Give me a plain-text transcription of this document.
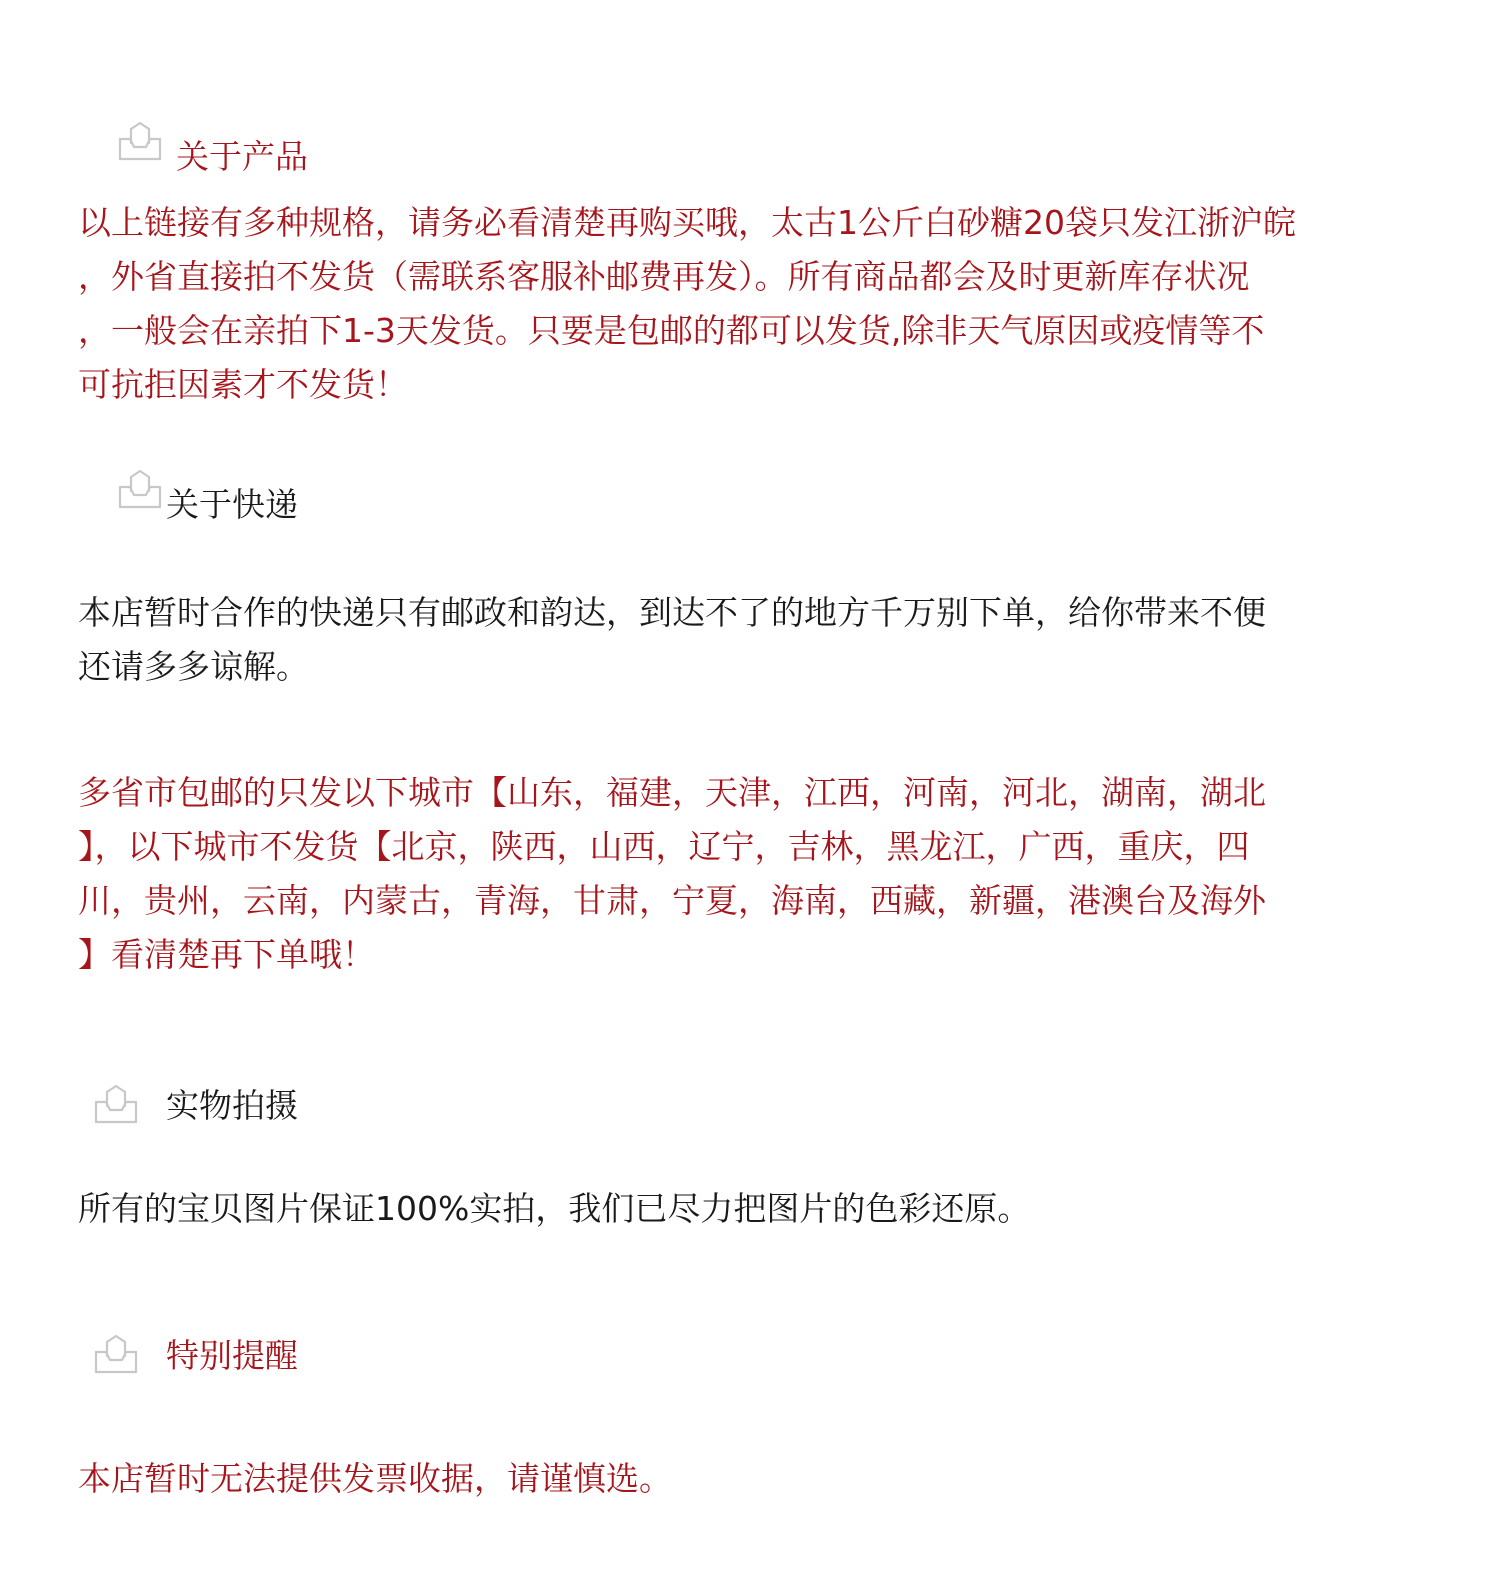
关于产品

以上链接有多种规格，请务必看清楚再购买哦，太古1公斤白砂糖20袋只发江浙沪皖
，外省直接拍不发货（需联系客服补邮费再发）。所有商品都会及时更新库存状况
，一般会在亲拍下1-3天发货。只要是包邮的都可以发货,除非天气原因或疫情等不
可抗拒因素才不发货！

关于快递

本店暂时合作的快递只有邮政和韵达，到达不了的地方千万别下单，给你带来不便
还请多多谅解。

多省市包邮的只发以下城市【山东，福建，天津，江西，河南，河北，湖南，湖北
】，以下城市不发货【北京，陕西，山西，辽宁，吉林，黑龙江，广西，重庆，四
川，贵州，云南，内蒙古，青海，甘肃，宁夏，海南，西藏，新疆，港澳台及海外
】看清楚再下单哦！

实物拍摄

所有的宝贝图片保证100%实拍，我们已尽力把图片的色彩还原。

特别提醒

本店暂时无法提供发票收据，请谨慎选。
